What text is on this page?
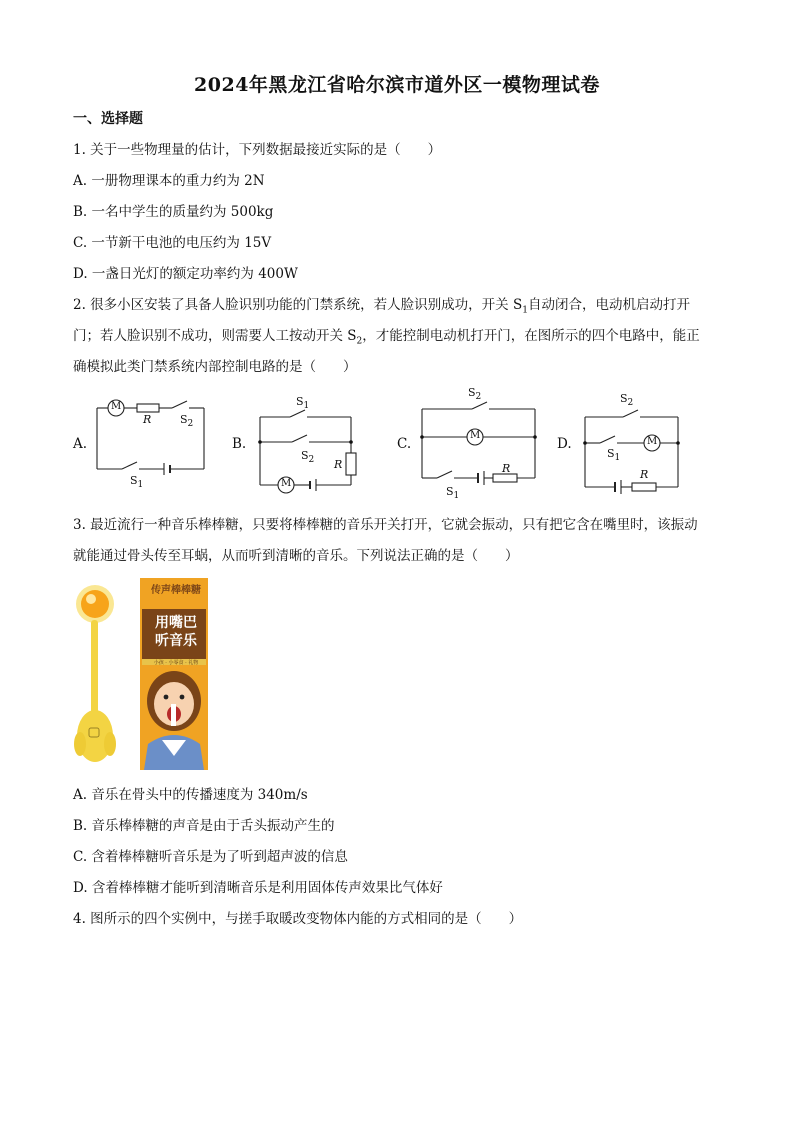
2024年黑龙江省哈尔滨市道外区一模物理试卷
一、选择题
1. 关于一些物理量的估计，下列数据最接近实际的是（　　）
A. 一册物理课本的重力约为 2N
B. 一名中学生的质量约为 500kg
C. 一节新干电池的电压约为 15V
D. 一盏日光灯的额定功率约为 400W
2. 很多小区安装了具备人脸识别功能的门禁系统，若人脸识别成功，开关 $S_1$自动闭合，电动机启动打开
门；若人脸识别不成功，则需要人工按动开关 $S_2$，才能控制电动机打开门，在图所示的四个电路中，能正
确模拟此类门禁系统内部控制电路的是（　　）
A.	B.	C.	D.
M
M
M
M
R
R	R	R
$S_2$
$S_1$
$S_1$
$S_2$
$S_2$
$S_1$
$S_2$
$S_1$
3. 最近流行一种音乐棒棒糖，只要将棒棒糖的音乐开关打开，它就会振动，只有把它含在嘴里时，该振动
就能通过骨头传至耳蜗，从而听到清晰的音乐。下列说法正确的是（　　）
传声棒棒糖
用嘴巴
听音乐
小孩 · 小零食 · 礼物
A. 音乐在骨头中的传播速度为 340m/s
B. 音乐棒棒糖的声音是由于舌头振动产生的
C. 含着棒棒糖听音乐是为了听到超声波的信息
D. 含着棒棒糖才能听到清晰音乐是利用固体传声效果比气体好
4. 图所示的四个实例中，与搓手取暖改变物体内能的方式相同的是（　　）
